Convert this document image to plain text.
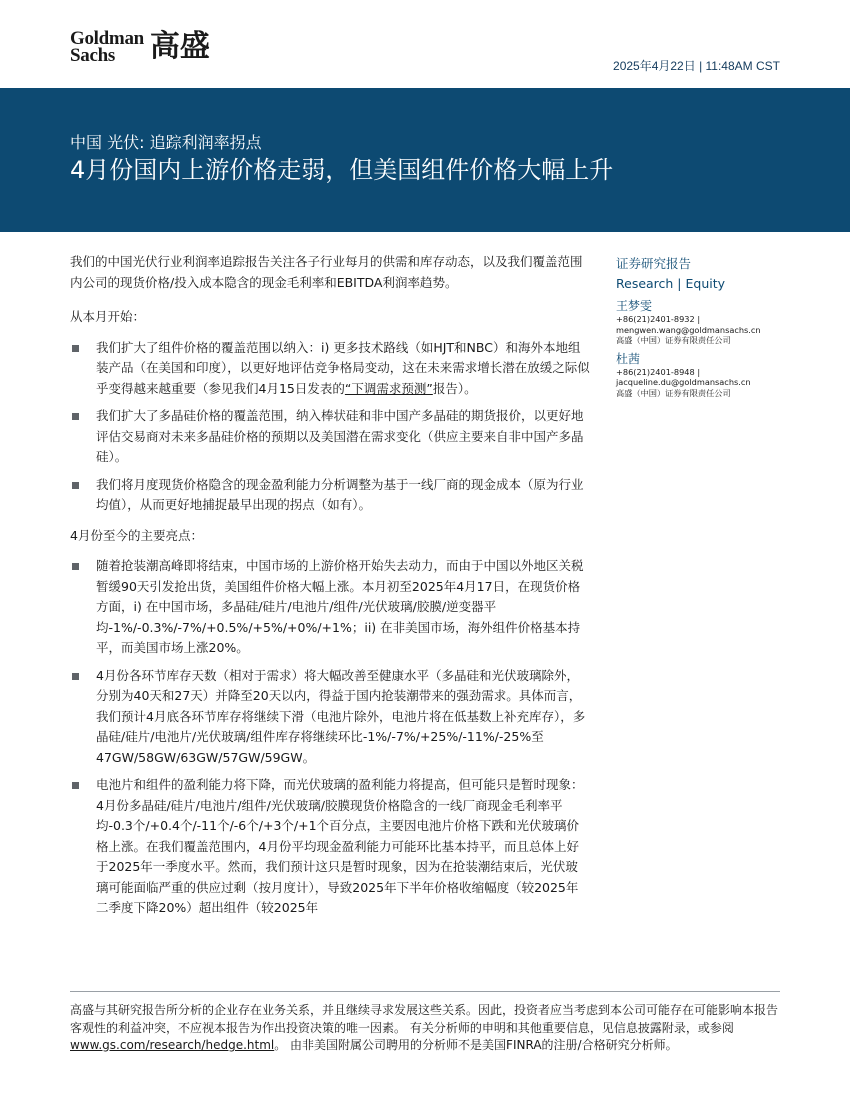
Goldman
Sachs	高盛
2025年4月22日 | 11:48AM CST
中国 光伏: 追踪利润率拐点
4月份国内上游价格走弱，但美国组件价格大幅上升

我们的中国光伏行业利润率追踪报告关注各子行业每月的供需和库存动态，以及我们覆盖范围内公司的现货价格/投入成本隐含的现金毛利率和EBITDA利润率趋势。

从本月开始：

我们扩大了组件价格的覆盖范围以纳入：i) 更多技术路线（如HJT和NBC）和海外本地组装产品（在美国和印度），以更好地评估竞争格局变动，这在未来需求增长潜在放缓之际似乎变得越来越重要（参见我们4月15日发表的“下调需求预测”报告）。
我们扩大了多晶硅价格的覆盖范围，纳入棒状硅和非中国产多晶硅的期货报价，以更好地评估交易商对未来多晶硅价格的预期以及美国潜在需求变化（供应主要来自非中国产多晶硅）。
我们将月度现货价格隐含的现金盈利能力分析调整为基于一线厂商的现金成本（原为行业均值），从而更好地捕捉最早出现的拐点（如有）。

4月份至今的主要亮点：

随着抢装潮高峰即将结束，中国市场的上游价格开始失去动力，而由于中国以外地区关税暂缓90天引发抢出货，美国组件价格大幅上涨。本月初至2025年4月17日，在现货价格方面，i) 在中国市场，多晶硅/硅片/电池片/组件/光伏玻璃/胶膜/逆变器平均-1%/-0.3%/-7%/+0.5%/+5%/+0%/+1%；ii) 在非美国市场，海外组件价格基本持平，而美国市场上涨20%。
4月份各环节库存天数（相对于需求）将大幅改善至健康水平（多晶硅和光伏玻璃除外，分别为40天和27天）并降至20天以内，得益于国内抢装潮带来的强劲需求。具体而言，我们预计4月底各环节库存将继续下滑（电池片除外，电池片将在低基数上补充库存），多晶硅/硅片/电池片/光伏玻璃/组件库存将继续环比-1%/-7%/+25%/-11%/-25%至47GW/58GW/63GW/57GW/59GW。
电池片和组件的盈利能力将下降，而光伏玻璃的盈利能力将提高，但可能只是暂时现象：4月份多晶硅/硅片/电池片/组件/光伏玻璃/胶膜现货价格隐含的一线厂商现金毛利率平均-0.3个/+0.4个/-11个/-6个/+3个/+1个百分点，主要因电池片价格下跌和光伏玻璃价格上涨。在我们覆盖范围内，4月份平均现金盈利能力可能环比基本持平，而且总体上好于2025年一季度水平。然而，我们预计这只是暂时现象，因为在抢装潮结束后，光伏玻璃可能面临严重的供应过剩（按月度计），导致2025年下半年价格收缩幅度（较2025年二季度下降20%）超出组件（较2025年
证券研究报告
Research | Equity
王梦雯
+86(21)2401-8932 |
mengwen.wang@goldmansachs.cn
高盛（中国）证券有限责任公司
杜茜
+86(21)2401-8948 |
jacqueline.du@goldmansachs.cn
高盛（中国）证券有限责任公司
高盛与其研究报告所分析的企业存在业务关系，并且继续寻求发展这些关系。因此，投资者应当考虑到本公司可能存在可能影响本报告客观性的利益冲突，不应视本报告为作出投资决策的唯一因素。 有关分析师的申明和其他重要信息，见信息披露附录，或参阅www.gs.com/research/hedge.html。 由非美国附属公司聘用的分析师不是美国FINRA的注册/合格研究分析师。
